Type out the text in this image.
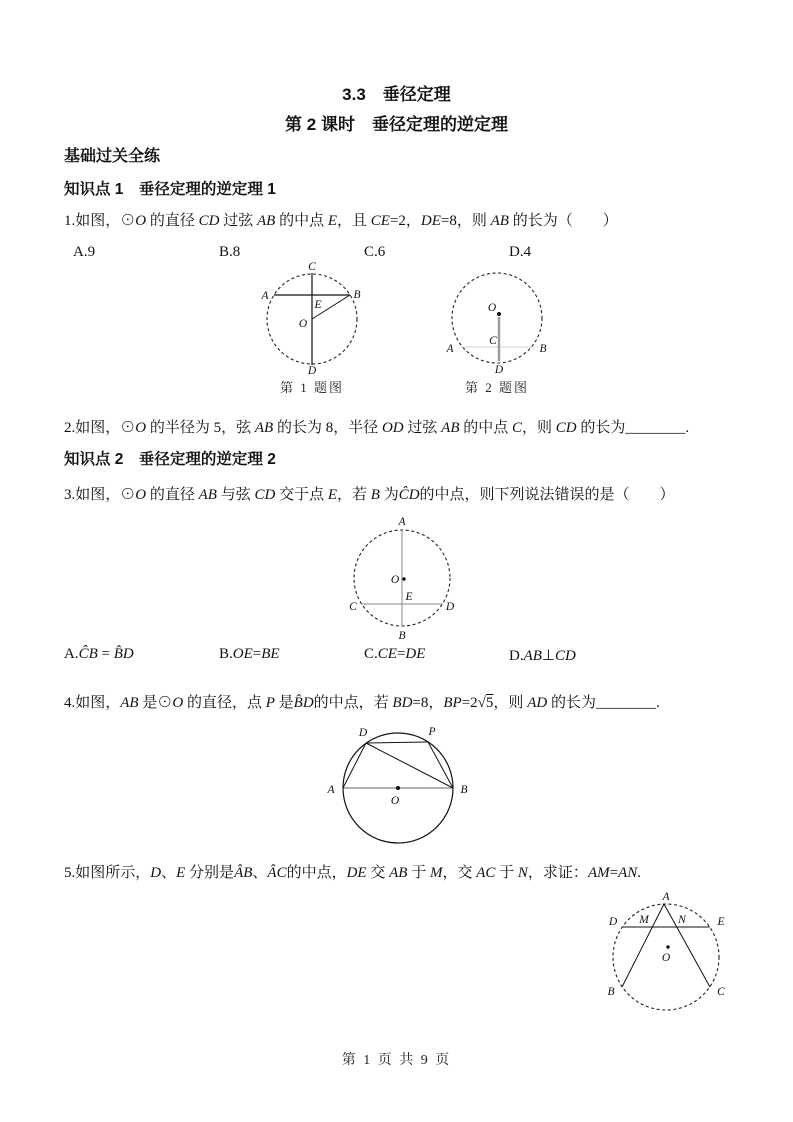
3.3　垂径定理
第 2 课时　垂径定理的逆定理
基础过关全练
知识点 1　垂径定理的逆定理 1
1.如图，⊙O 的直径 CD 过弦 AB 的中点 E，且 CE=2，DE=8，则 AB 的长为（　　）
A.9	B.8	C.6	D.4
C
D
A	B
E
O
第 1 题图
O
C
D
A	B
第 2 题图
2.如图，⊙O 的半径为 5，弦 AB 的长为 8，半径 OD 过弦 AB 的中点 C，则 CD 的长为________.
知识点 2　垂径定理的逆定理 2
3.如图，⊙O 的直径 AB 与弦 CD 交于点 E，若 B 为ĈD的中点，则下列说法错误的是（　　）
A
B
C	D
O
E
A.ĈB = B̂D	B.OE=BE	C.CE=DE	D.AB⊥CD
4.如图，AB 是⊙O 的直径，点 P 是B̂D的中点，若 BD=8，BP=2√5，则 AD 的长为________.
A	B
D	P
O
5.如图所示，D、E 分别是ÂB、ÂC的中点，DE 交 AB 于 M，交 AC 于 N，求证：AM=AN.
A
D	E
M	N
B	C
O
第 1 页 共 9 页
